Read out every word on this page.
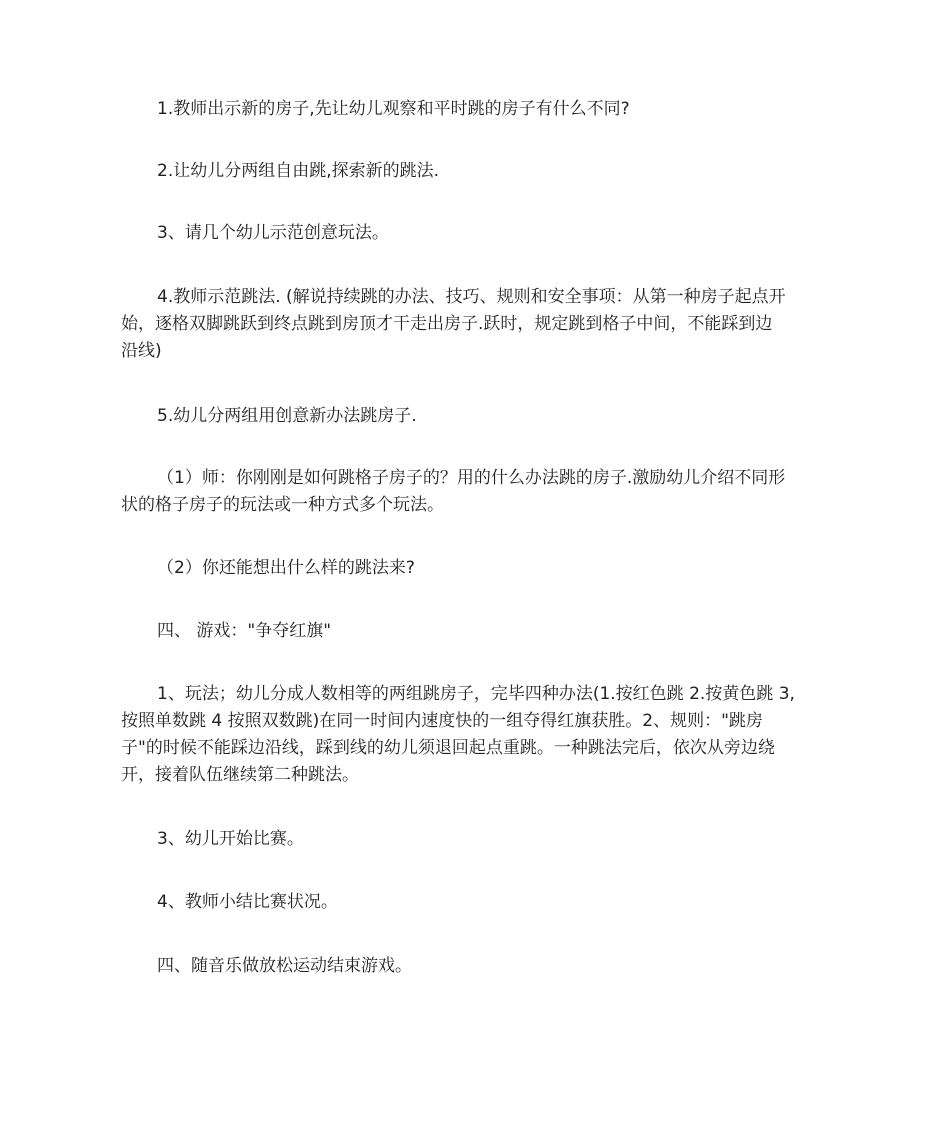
1.教师出示新的房子,先让幼儿观察和平时跳的房子有什么不同?

2.让幼儿分两组自由跳,探索新的跳法.

3、请几个幼儿示范创意玩法。

4.教师示范跳法. (解说持续跳的办法、技巧、规则和安全事项：从第一种房子起点开
始，逐格双脚跳跃到终点跳到房顶才干走出房子.跃时，规定跳到格子中间，不能踩到边
沿线)

5.幼儿分两组用创意新办法跳房子.

（1）师：你刚刚是如何跳格子房子的？用的什么办法跳的房子.激励幼儿介绍不同形
状的格子房子的玩法或一种方式多个玩法。

（2）你还能想出什么样的跳法来?

四、 游戏："争夺红旗"

1、玩法；幼儿分成人数相等的两组跳房子，完毕四种办法(1.按红色跳 2.按黄色跳 3,
按照单数跳 4 按照双数跳)在同一时间内速度快的一组夺得红旗获胜。2、规则："跳房
子"的时候不能踩边沿线，踩到线的幼儿须退回起点重跳。一种跳法完后，依次从旁边绕
开，接着队伍继续第二种跳法。

3、幼儿开始比赛。

4、教师小结比赛状况。

四、随音乐做放松运动结束游戏。
